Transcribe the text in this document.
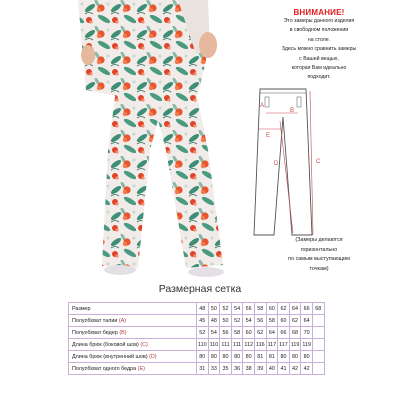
ВНИМАНИЕ!
Это замеры данного изделия
в свободном положении
на столе.
Здесь можно сравнить замеры
с Вашей вещью,
которая Вам идеально
подходит.
A
B
C
D
E
(Замеры делаются
горизонтально
по самым выступающим
точкам)
Размерная сетка
Размер	48	50	52	54	56	58	60	62	64	66	68
Полуобхват талии (А)	45	48	50	52	54	56	58	60	62	64	
Полуобхват бедер (В)	52	54	56	58	60	62	64	66	68	70	
Длина брюк (боковой шов) (С)	110	110	111	111	112	116	117	117	119	119	
Длина брюк (внутренний шов) (D)	80	80	80	80	80	81	81	80	80	80	
Полуобхват одного бедра (Е)	31	33	35	36	38	39	40	41	42	42	
